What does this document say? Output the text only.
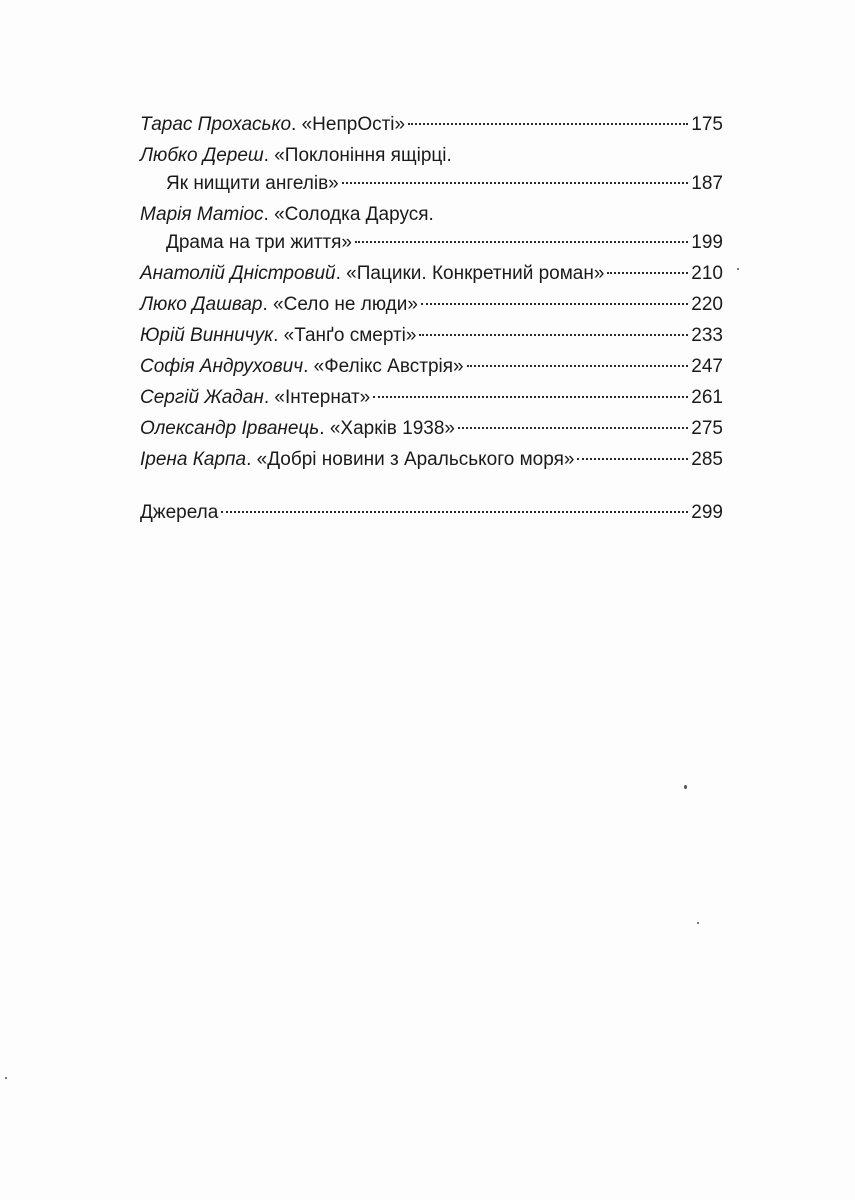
Тарас Прохасько . «НепрОсті»	175
Любко Дереш . «Поклоніння ящірці.
Як нищити ангелів»	187
Марія Матіос . «Солодка Даруся.
Драма на три життя»	199
Анатолій Дністровий . «Пацики. Конкретний роман»	210
Люко Дашвар . «Село не люди»	220
Юрій Винничук . «Танґо смерті»	233
Софія Андрухович . «Фелікс Австрія»	247
Сергій Жадан . «Інтернат»	261
Олександр Ірванець . «Харків 1938»	275
Ірена Карпа . «Добрі новини з Аральського моря»	285
Джерела	299
